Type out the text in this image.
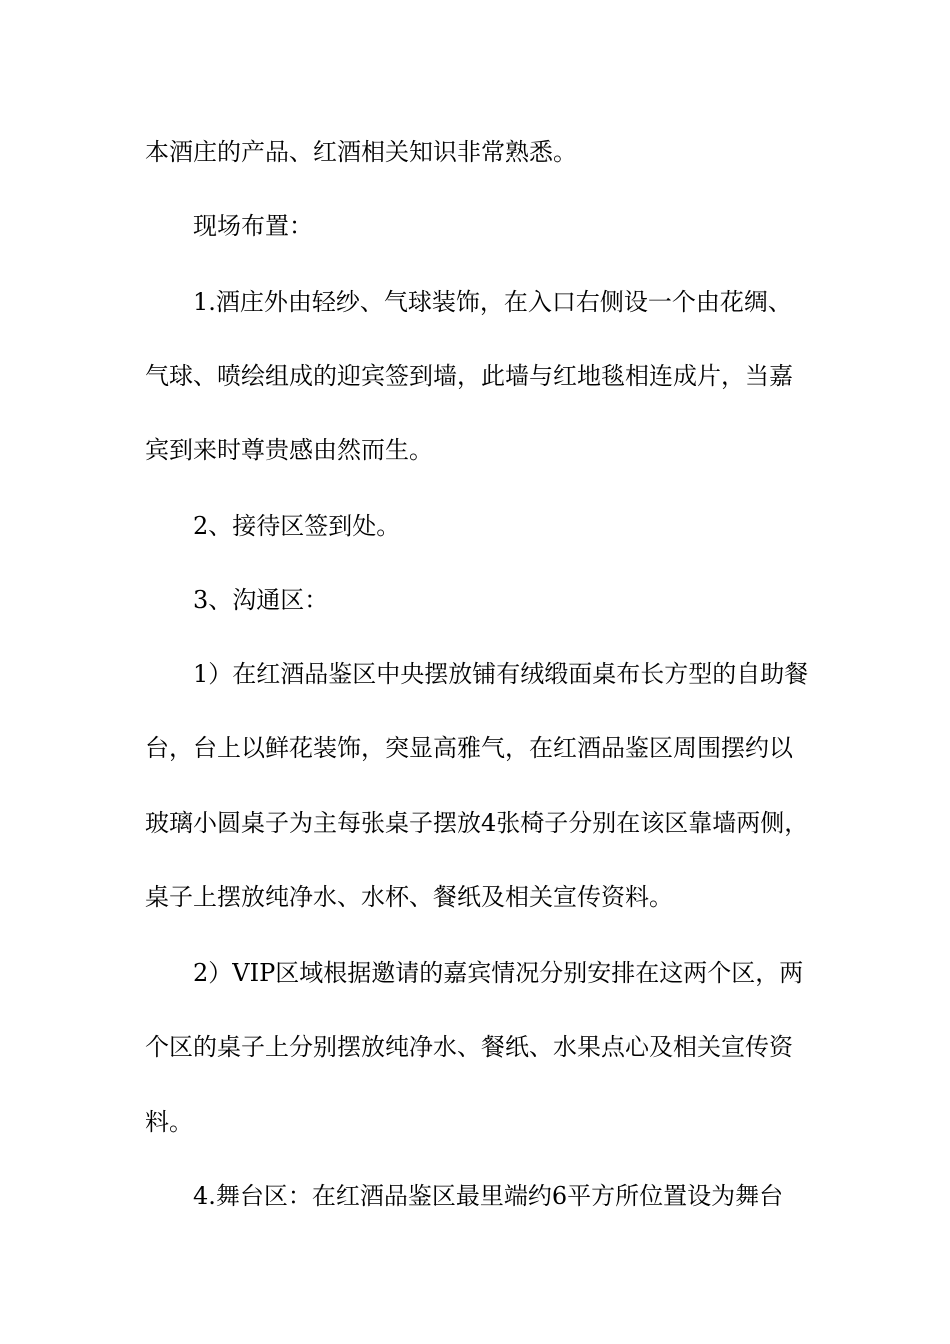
本酒庄的产品、红酒相关知识非常熟悉。
现场布置：
1.酒庄外由轻纱、气球装饰，在入口右侧设一个由花绸、
气球、喷绘组成的迎宾签到墙，此墙与红地毯相连成片，当嘉
宾到来时尊贵感由然而生。
2、接待区签到处。
3、沟通区：
1）在红酒品鉴区中央摆放铺有绒缎面桌布长方型的自助餐
台，台上以鲜花装饰，突显高雅气，在红酒品鉴区周围摆约以
玻璃小圆桌子为主每张桌子摆放4张椅子分别在该区靠墙两侧，
桌子上摆放纯净水、水杯、餐纸及相关宣传资料。
2）VIP区域根据邀请的嘉宾情况分别安排在这两个区，两
个区的桌子上分别摆放纯净水、餐纸、水果点心及相关宣传资
料。
4.舞台区：在红酒品鉴区最里端约6平方所位置设为舞台
